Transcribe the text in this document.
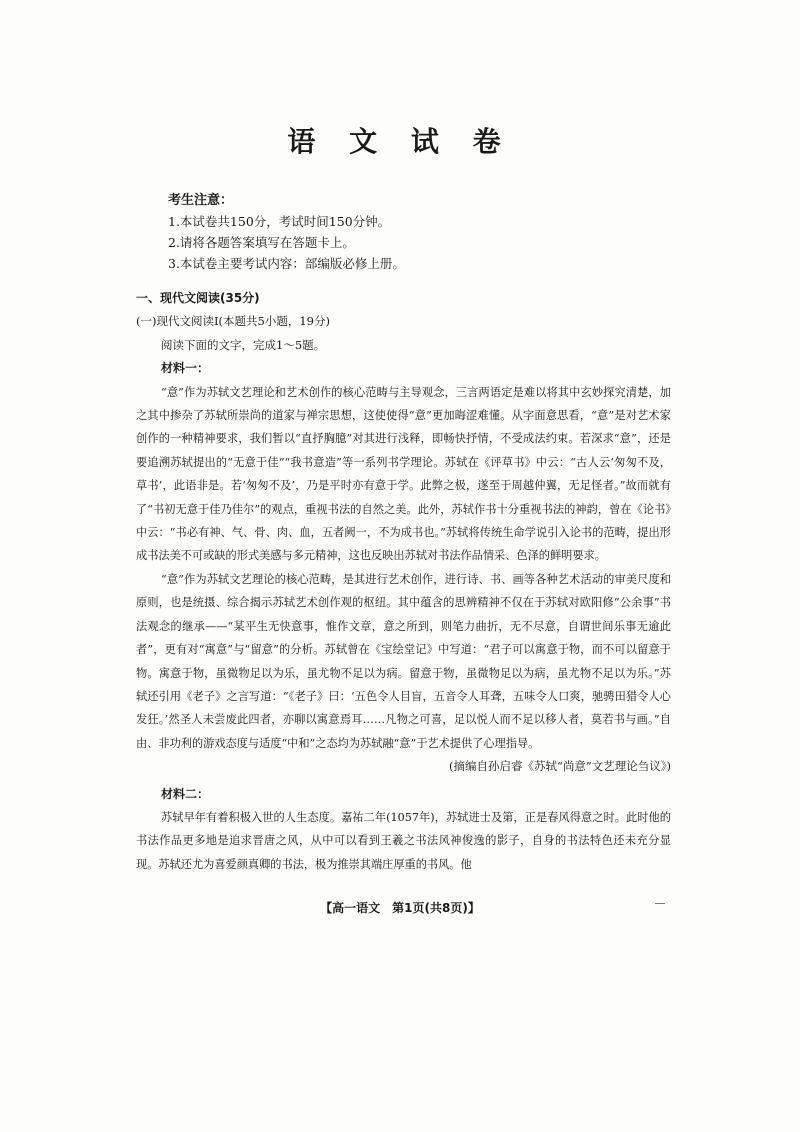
语 文 试 卷
考生注意：
1.本试卷共150分，考试时间150分钟。
2.请将各题答案填写在答题卡上。
3.本试卷主要考试内容：部编版必修上册。
一、现代文阅读(35分)
(一)现代文阅读Ⅰ(本题共5小题，19分)
阅读下面的文字，完成1～5题。
材料一：

“意”作为苏轼文艺理论和艺术创作的核心范畴与主导观念，三言两语定是难以将其中玄妙探究清楚，加之其中掺杂了苏轼所崇尚的道家与禅宗思想，这使使得“意”更加晦涩难懂。从字面意思看，“意”是对艺术家创作的一种精神要求，我们暂以“直抒胸臆”对其进行浅释，即畅快抒情，不受成法约束。若深求“意”，还是要追溯苏轼提出的“无意于佳”“我书意造”等一系列书学理论。苏轼在《评草书》中云：“古人云‘匆匆不及，草书’，此语非是。若‘匆匆不及’，乃是平时亦有意于学。此弊之极，遂至于周越仲翼，无足怪者。”故而就有了“书初无意于佳乃佳尔”的观点，重视书法的自然之美。此外，苏轼作书十分重视书法的神韵，曾在《论书》中云：“书必有神、气、骨、肉、血，五者阙一，不为成书也。”苏轼将传统生命学说引入论书的范畴，提出形成书法美不可或缺的形式美感与多元精神，这也反映出苏轼对书法作品情采、色泽的鲜明要求。

“意”作为苏轼文艺理论的核心范畴，是其进行艺术创作，进行诗、书、画等各种艺术活动的审美尺度和原则，也是统摄、综合揭示苏轼艺术创作观的枢纽。其中蕴含的思辨精神不仅在于苏轼对欧阳修“公余事”书法观念的继承——“某平生无快意事，惟作文章，意之所到，则笔力曲折，无不尽意，自谓世间乐事无逾此者”，更有对“寓意”与“留意”的分析。苏轼曾在《宝绘堂记》中写道：“君子可以寓意于物，而不可以留意于物。寓意于物，虽微物足以为乐，虽尤物不足以为病。留意于物，虽微物足以为病，虽尤物不足以为乐。”苏轼还引用《老子》之言写道：“《老子》曰：‘五色令人目盲，五音令人耳聋，五味令人口爽，驰骋田猎令人心发狂。’然圣人未尝废此四者，亦聊以寓意焉耳……凡物之可喜，足以悦人而不足以移人者，莫若书与画。”自由、非功利的游戏态度与适度“中和”之态均为苏轼融“意”于艺术提供了心理指导。

(摘编自孙启睿《苏轼“尚意”文艺理论刍议》)
材料二：

苏轼早年有着积极入世的人生态度。嘉祐二年(1057年)，苏轼进士及第，正是春风得意之时。此时他的书法作品更多地是追求晋唐之风，从中可以看到王羲之书法风神俊逸的影子，自身的书法特色还未充分显现。苏轼还尤为喜爱颜真卿的书法，极为推崇其端庄厚重的书风。他

【高一语文　第1页(共8页)】
